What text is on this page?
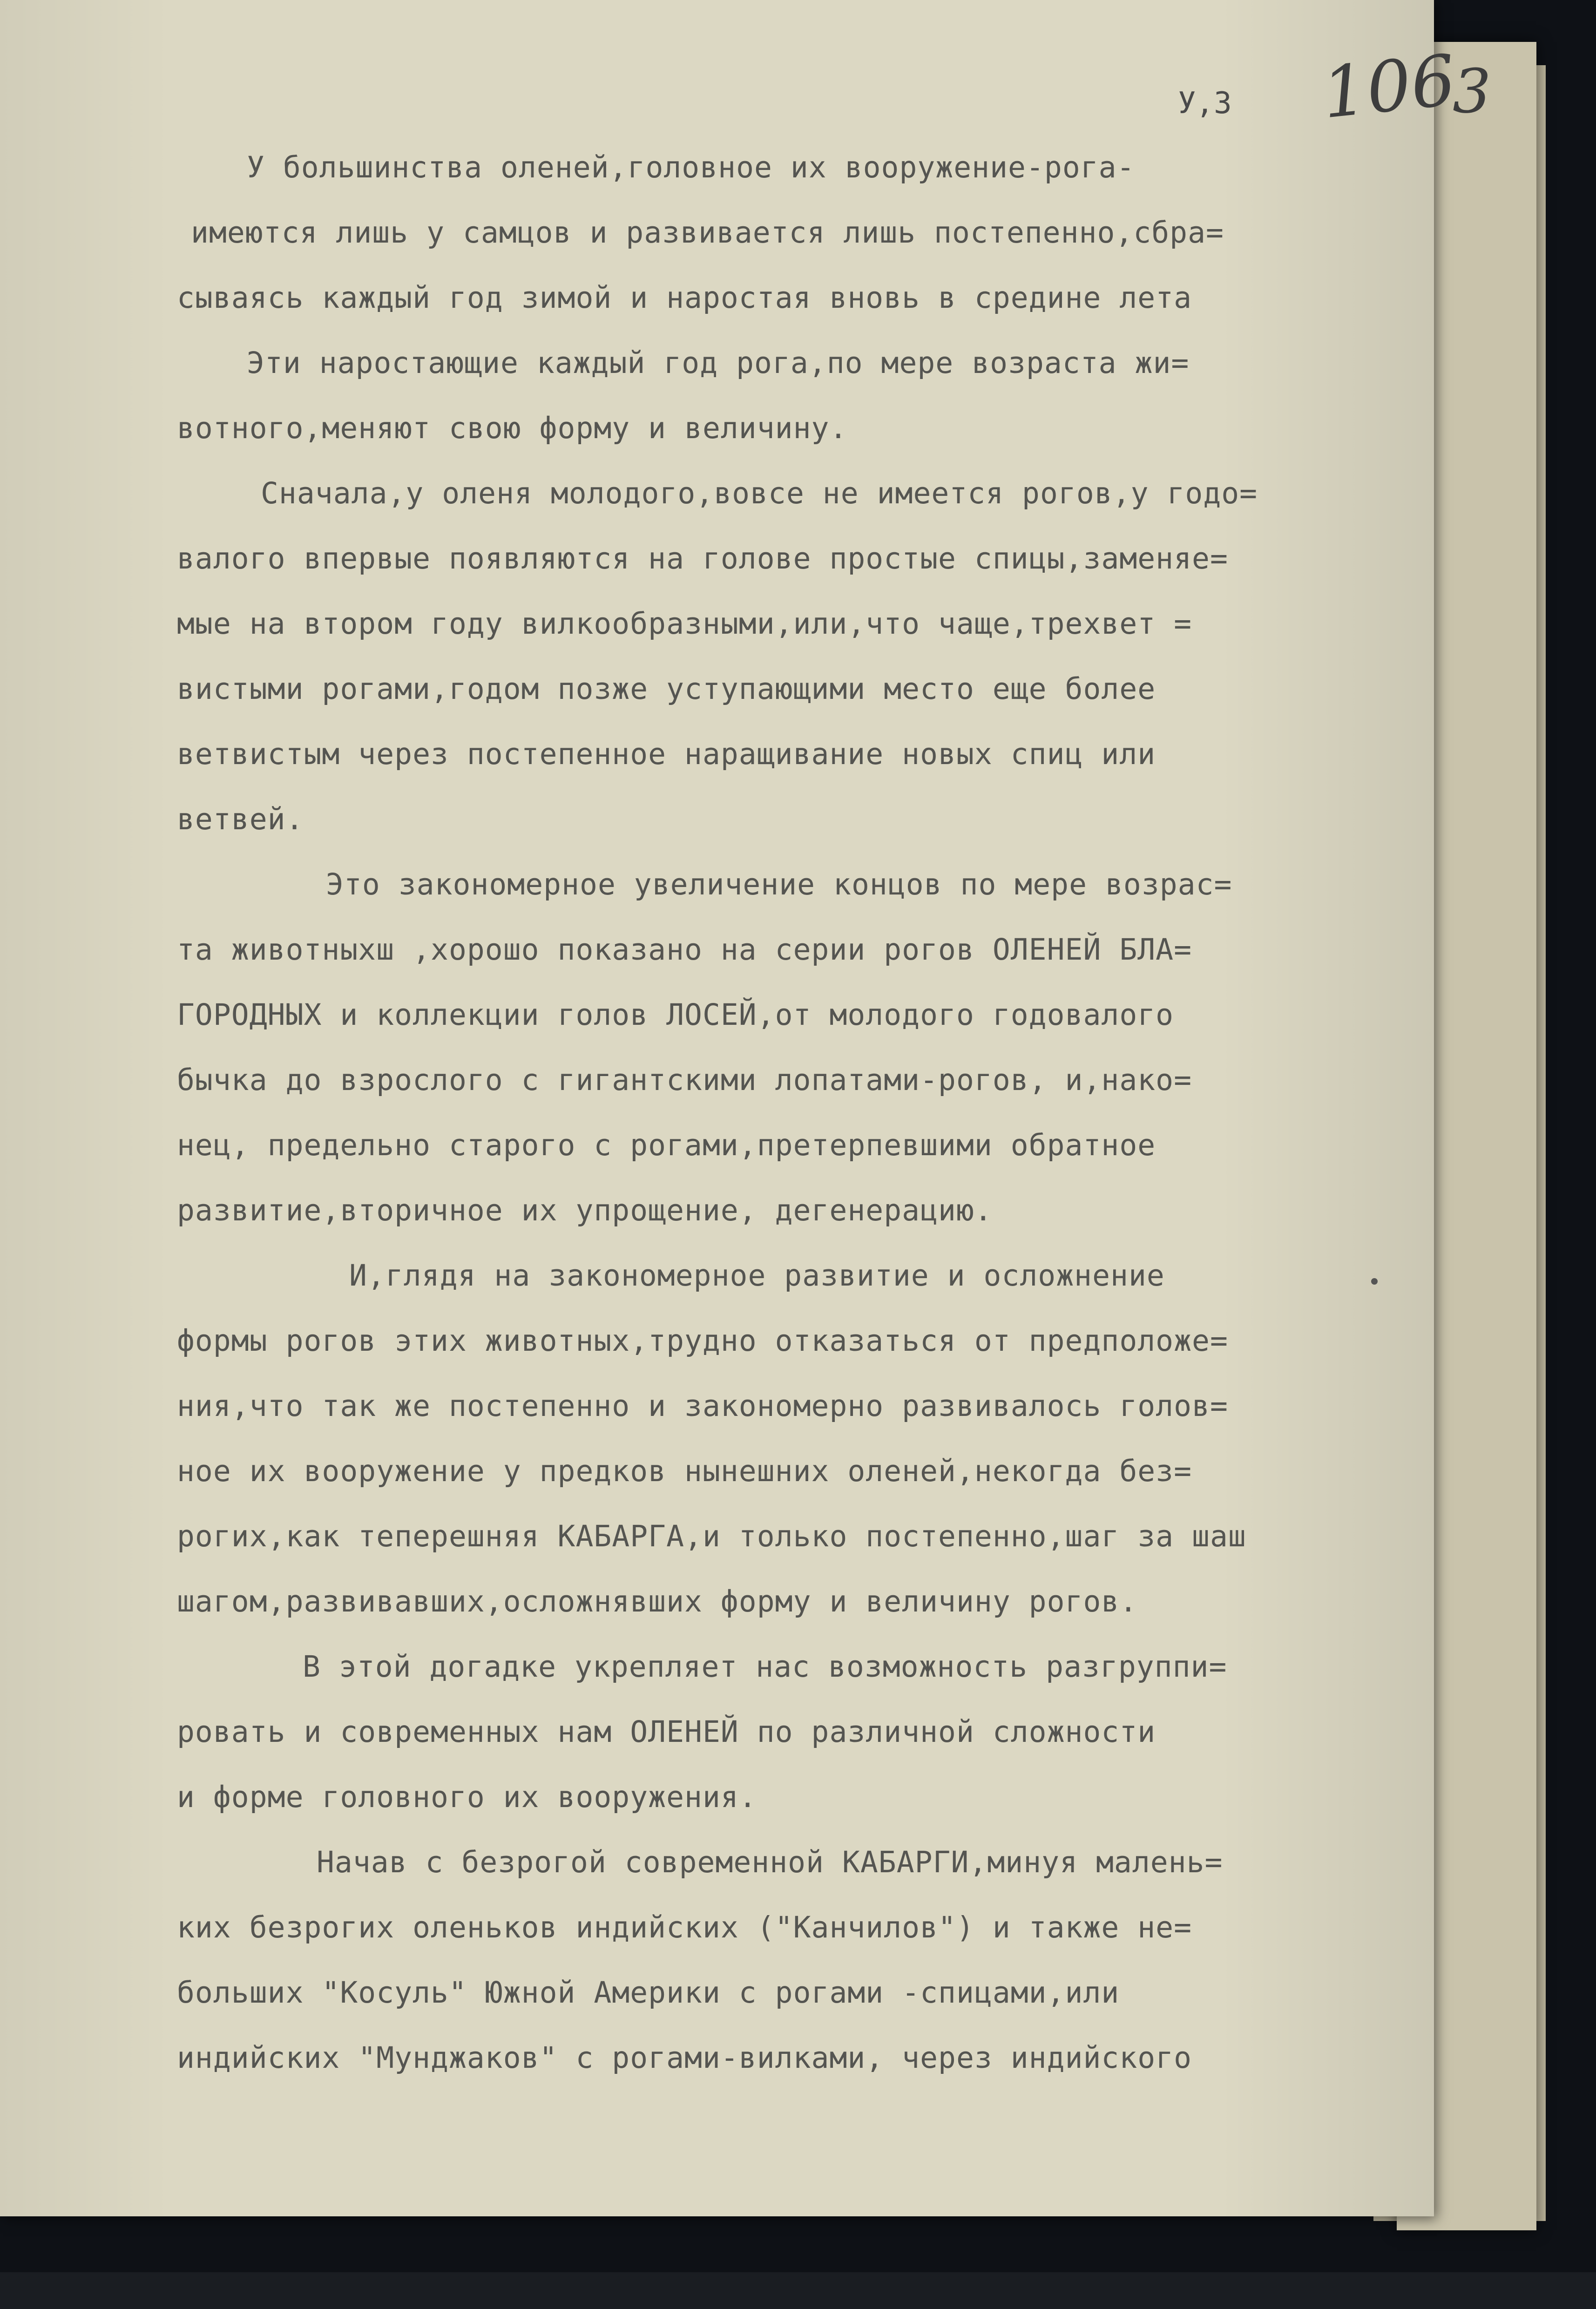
У,3 106
У большинства оленей,головное их вооружение-рога-
имеются лишь у самцов и развивается лишь постепенно,сбра=
сываясь каждый год зимой и наростая вновь в средине лета
Эти наростающие каждый год рога,по мере возраста жи=
вотного,меняют свою форму и величину.
Сначала,у оленя молодого,вовсе не имеется рогов,у годо=
валого впервые появляются на голове простые спицы,заменяе=
мые на втором году вилкообразными,или,что чаще,трехвет =
вистыми рогами,годом позже уступающими место еще более
ветвистым через постепенное наращивание новых спиц или
ветвей.
Это закономерное увеличение концов по мере возрас=
та животныхш ,хорошо показано на серии рогов ОЛЕНЕЙ БЛА=
ГОРОДНЫХ и коллекции голов ЛОСЕЙ,от молодого годовалого
бычка до взрослого с гигантскими лопатами-рогов, и,нако=
нец, предельно старого с рогами,претерпевшими обратное
развитие,вторичное их упрощение, дегенерацию.
И,глядя на закономерное развитие и осложнение
формы рогов этих животных,трудно отказаться от предположе=
ния,что так же постепенно и закономерно развивалось голов=
ное их вооружение у предков нынешних оленей,некогда без=
рогих,как теперешняя КАБАРГА,и только постепенно,шаг за шаш
шагом,развивавших,осложнявших форму и величину рогов.
В этой догадке укрепляет нас возможность разгруппи=
ровать и современных нам ОЛЕНЕЙ по различной сложности
и форме головного их вооружения.
Начав с безрогой современной КАБАРГИ,минуя малень=
ких безрогих оленьков индийских ("Канчилов") и также не=
больших "Косуль" Южной Америки с рогами -спицами,или
индийских "Мунджаков" с рогами-вилками, через индийского
3
